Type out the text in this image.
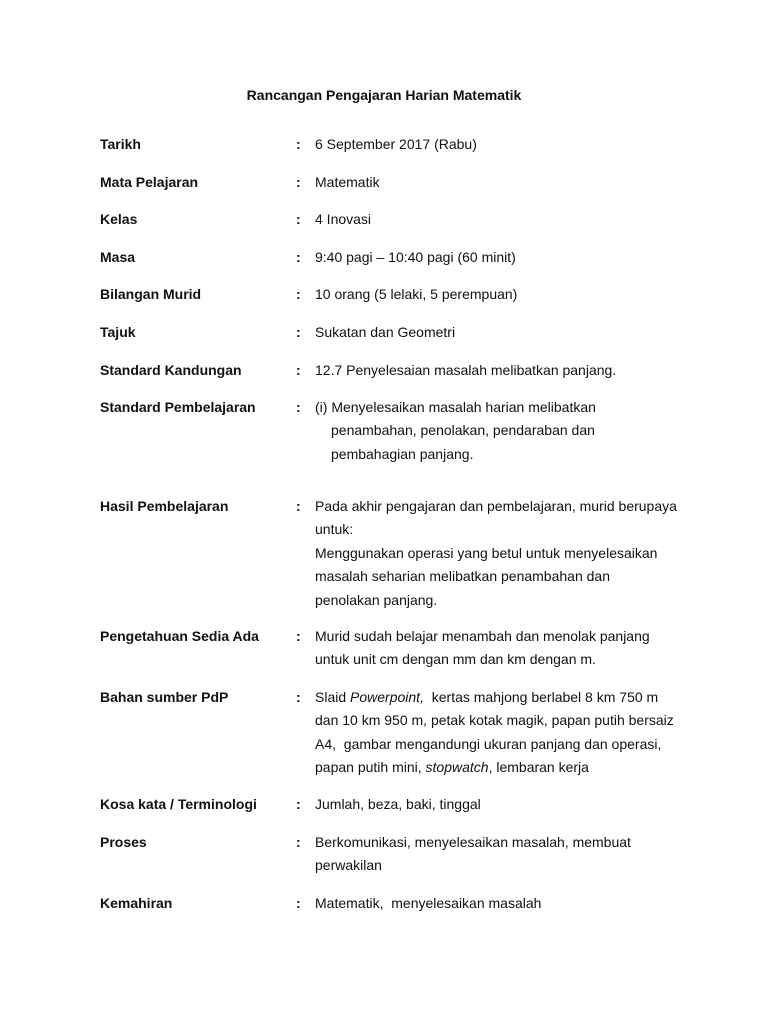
Rancangan Pengajaran Harian Matematik
Tarikh	: 6 September 2017 (Rabu)
Mata Pelajaran	: Matematik
Kelas	: 4 Inovasi
Masa	: 9:40 pagi – 10:40 pagi (60 minit)
Bilangan Murid	: 10 orang (5 lelaki, 5 perempuan)
Tajuk	: Sukatan dan Geometri
Standard Kandungan	: 12.7 Penyelesaian masalah melibatkan panjang.
Standard Pembelajaran	: (i) Menyelesaikan masalah harian melibatkan
penambahan, penolakan, pendaraban dan
pembahagian panjang.
Hasil Pembelajaran	: Pada akhir pengajaran dan pembelajaran, murid berupaya
untuk:
Menggunakan operasi yang betul untuk menyelesaikan
masalah seharian melibatkan penambahan dan
penolakan panjang.
Pengetahuan Sedia Ada	: Murid sudah belajar menambah dan menolak panjang
untuk unit cm dengan mm dan km dengan m.
Bahan sumber PdP	: Slaid Powerpoint,  kertas mahjong berlabel 8 km 750 m
dan 10 km 950 m, petak kotak magik, papan putih bersaiz
A4,  gambar mengandungi ukuran panjang dan operasi,
papan putih mini, stopwatch, lembaran kerja
Kosa kata / Terminologi	: Jumlah, beza, baki, tinggal
Proses	: Berkomunikasi, menyelesaikan masalah, membuat
perwakilan
Kemahiran	: Matematik,  menyelesaikan masalah
